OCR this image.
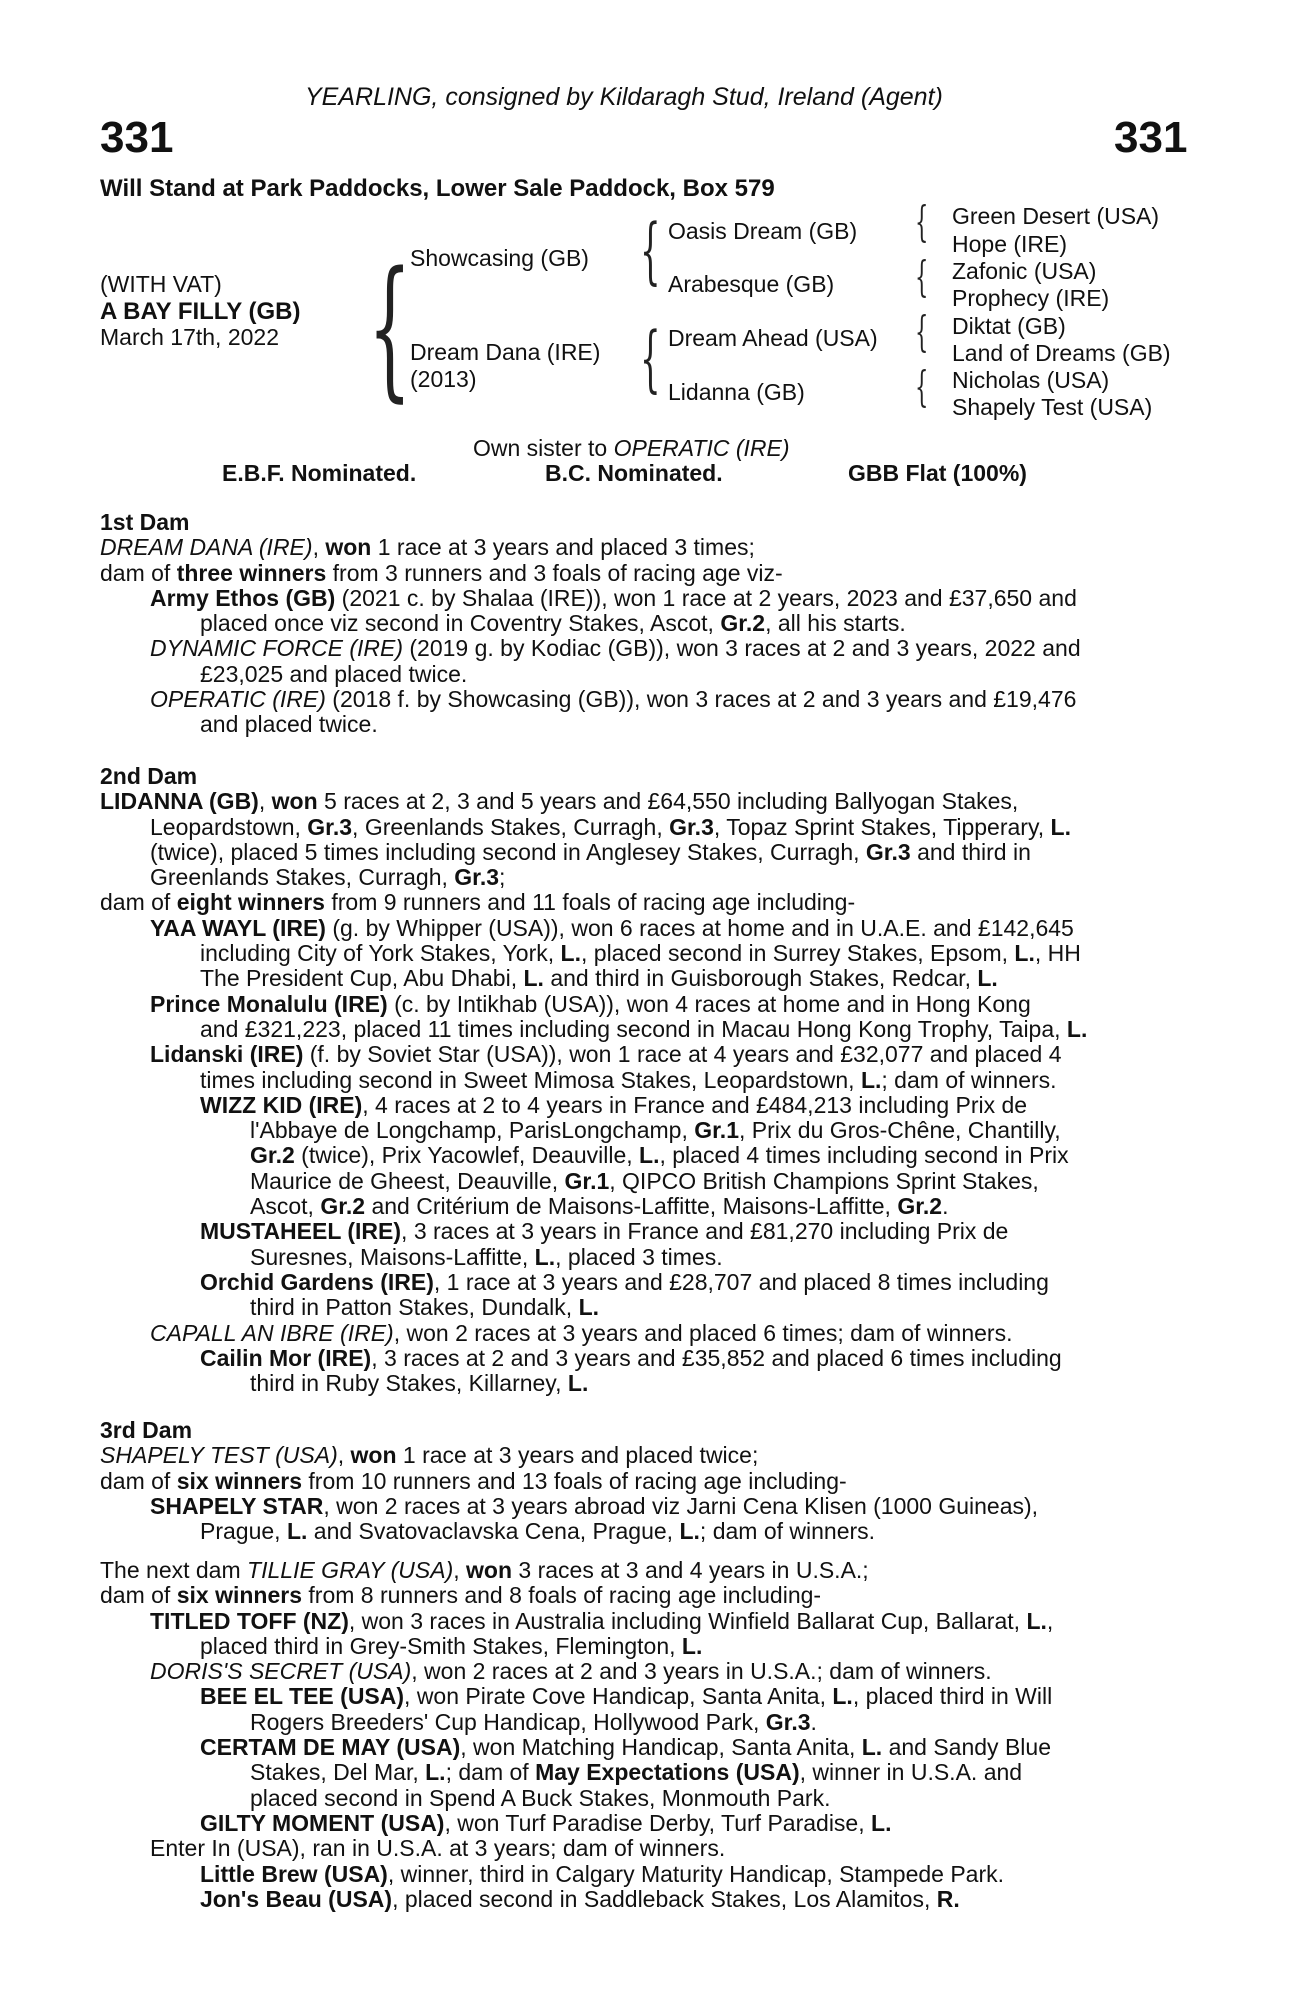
YEARLING, consigned by Kildaragh Stud, Ireland (Agent)
331	331
Will Stand at Park Paddocks, Lower Sale Paddock, Box 579
(WITH VAT)
A BAY FILLY (GB)
March 17th, 2022 {	{
{
{
{
{
{
Showcasing (GB)
Dream Dana (IRE)
(2013)
Oasis Dream (GB)
Arabesque (GB)
Dream Ahead (USA)
Lidanna (GB)
Green Desert (USA)
Hope (IRE)
Zafonic (USA)
Prophecy (IRE)
Diktat (GB)
Land of Dreams (GB)
Nicholas (USA)
Shapely Test (USA)
Own sister to OPERATIC (IRE)
E.B.F. Nominated.	B.C. Nominated.	GBB Flat (100%)
1st Dam
DREAM DANA (IRE), won 1 race at 3 years and placed 3 times;
dam of three winners from 3 runners and 3 foals of racing age viz-
Army Ethos (GB) (2021 c. by Shalaa (IRE)), won 1 race at 2 years, 2023 and £37,650 and
placed once viz second in Coventry Stakes, Ascot, Gr.2, all his starts.
DYNAMIC FORCE (IRE) (2019 g. by Kodiac (GB)), won 3 races at 2 and 3 years, 2022 and
£23,025 and placed twice.
OPERATIC (IRE) (2018 f. by Showcasing (GB)), won 3 races at 2 and 3 years and £19,476
and placed twice.
2nd Dam
LIDANNA (GB), won 5 races at 2, 3 and 5 years and £64,550 including Ballyogan Stakes,
Leopardstown, Gr.3, Greenlands Stakes, Curragh, Gr.3, Topaz Sprint Stakes, Tipperary, L.
(twice), placed 5 times including second in Anglesey Stakes, Curragh, Gr.3 and third in
Greenlands Stakes, Curragh, Gr.3;
dam of eight winners from 9 runners and 11 foals of racing age including-
YAA WAYL (IRE) (g. by Whipper (USA)), won 6 races at home and in U.A.E. and £142,645
including City of York Stakes, York, L., placed second in Surrey Stakes, Epsom, L., HH
The President Cup, Abu Dhabi, L. and third in Guisborough Stakes, Redcar, L.
Prince Monalulu (IRE) (c. by Intikhab (USA)), won 4 races at home and in Hong Kong
and £321,223, placed 11 times including second in Macau Hong Kong Trophy, Taipa, L.
Lidanski (IRE) (f. by Soviet Star (USA)), won 1 race at 4 years and £32,077 and placed 4
times including second in Sweet Mimosa Stakes, Leopardstown, L.; dam of winners.
WIZZ KID (IRE), 4 races at 2 to 4 years in France and £484,213 including Prix de
l'Abbaye de Longchamp, ParisLongchamp, Gr.1, Prix du Gros-Chêne, Chantilly,
Gr.2 (twice), Prix Yacowlef, Deauville, L., placed 4 times including second in Prix
Maurice de Gheest, Deauville, Gr.1, QIPCO British Champions Sprint Stakes,
Ascot, Gr.2 and Critérium de Maisons-Laffitte, Maisons-Laffitte, Gr.2.
MUSTAHEEL (IRE), 3 races at 3 years in France and £81,270 including Prix de
Suresnes, Maisons-Laffitte, L., placed 3 times.
Orchid Gardens (IRE), 1 race at 3 years and £28,707 and placed 8 times including
third in Patton Stakes, Dundalk, L.
CAPALL AN IBRE (IRE), won 2 races at 3 years and placed 6 times; dam of winners.
Cailin Mor (IRE), 3 races at 2 and 3 years and £35,852 and placed 6 times including
third in Ruby Stakes, Killarney, L.
3rd Dam
SHAPELY TEST (USA), won 1 race at 3 years and placed twice;
dam of six winners from 10 runners and 13 foals of racing age including-
SHAPELY STAR, won 2 races at 3 years abroad viz Jarni Cena Klisen (1000 Guineas),
Prague, L. and Svatovaclavska Cena, Prague, L.; dam of winners.
The next dam TILLIE GRAY (USA), won 3 races at 3 and 4 years in U.S.A.;
dam of six winners from 8 runners and 8 foals of racing age including-
TITLED TOFF (NZ), won 3 races in Australia including Winfield Ballarat Cup, Ballarat, L.,
placed third in Grey-Smith Stakes, Flemington, L.
DORIS'S SECRET (USA), won 2 races at 2 and 3 years in U.S.A.; dam of winners.
BEE EL TEE (USA), won Pirate Cove Handicap, Santa Anita, L., placed third in Will
Rogers Breeders' Cup Handicap, Hollywood Park, Gr.3.
CERTAM DE MAY (USA), won Matching Handicap, Santa Anita, L. and Sandy Blue
Stakes, Del Mar, L.; dam of May Expectations (USA), winner in U.S.A. and
placed second in Spend A Buck Stakes, Monmouth Park.
GILTY MOMENT (USA), won Turf Paradise Derby, Turf Paradise, L.
Enter In (USA), ran in U.S.A. at 3 years; dam of winners.
Little Brew (USA), winner, third in Calgary Maturity Handicap, Stampede Park.
Jon's Beau (USA), placed second in Saddleback Stakes, Los Alamitos, R.
